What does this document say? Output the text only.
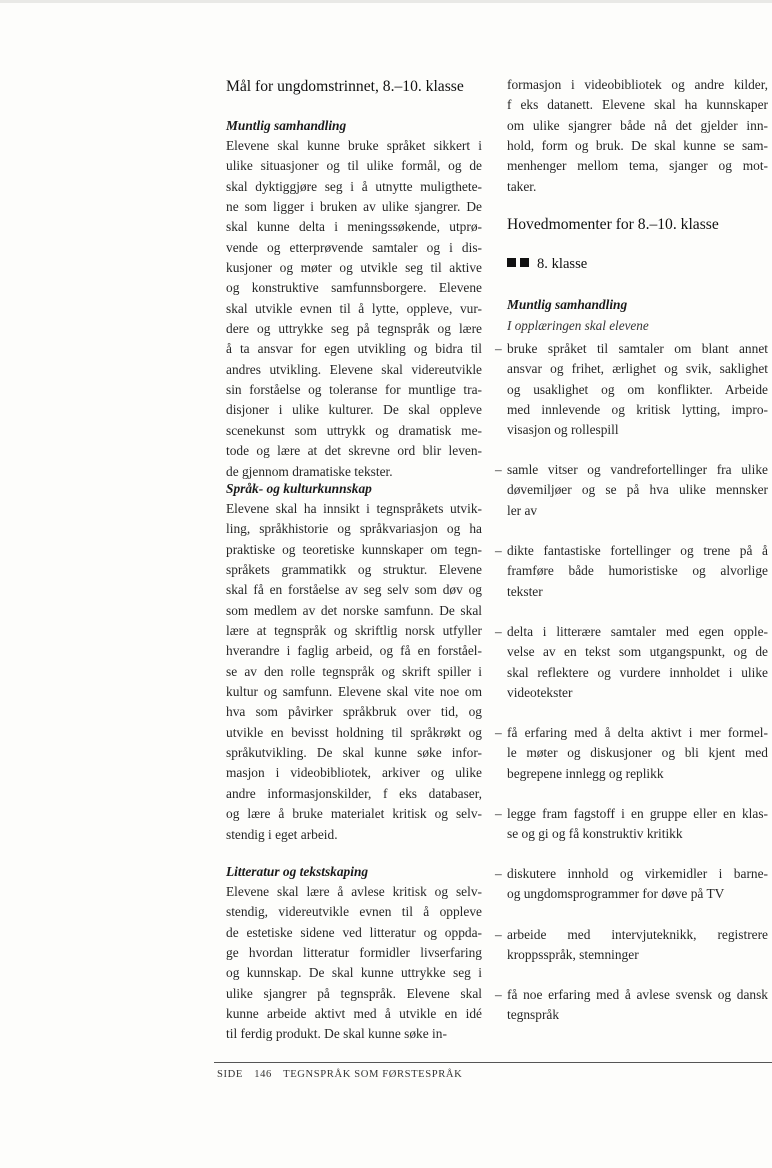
Mål for ungdomstrinnet, 8.–10. klasse
Muntlig samhandling
Elevene skal kunne bruke språket sikkert i
ulike situasjoner og til ulike formål, og de
skal dyktiggjøre seg i å utnytte muligthete-
ne som ligger i bruken av ulike sjangrer. De
skal kunne delta i meningssøkende, utprø-
vende og etterprøvende samtaler og i dis-
kusjoner og møter og utvikle seg til aktive
og konstruktive samfunnsborgere. Elevene
skal utvikle evnen til å lytte, oppleve, vur-
dere og uttrykke seg på tegnspråk og lære
å ta ansvar for egen utvikling og bidra til
andres utvikling. Elevene skal videreutvikle
sin forståelse og toleranse for muntlige tra-
disjoner i ulike kulturer. De skal oppleve
scenekunst som uttrykk og dramatisk me-
tode og lære at det skrevne ord blir leven-
de gjennom dramatiske tekster.
Språk- og kulturkunnskap
Elevene skal ha innsikt i tegnspråkets utvik-
ling, språkhistorie og språkvariasjon og ha
praktiske og teoretiske kunnskaper om tegn-
språkets grammatikk og struktur. Elevene
skal få en forståelse av seg selv som døv og
som medlem av det norske samfunn. De skal
lære at tegnspråk og skriftlig norsk utfyller
hverandre i faglig arbeid, og få en forståel-
se av den rolle tegnspråk og skrift spiller i
kultur og samfunn. Elevene skal vite noe om
hva som påvirker språkbruk over tid, og
utvikle en bevisst holdning til språkrøkt og
språkutvikling. De skal kunne søke infor-
masjon i videobibliotek, arkiver og ulike
andre informasjonskilder, f eks databaser,
og lære å bruke materialet kritisk og selv-
stendig i eget arbeid.
Litteratur og tekstskaping
Elevene skal lære å avlese kritisk og selv-
stendig, videreutvikle evnen til å oppleve
de estetiske sidene ved litteratur og oppda-
ge hvordan litteratur formidler livserfaring
og kunnskap. De skal kunne uttrykke seg i
ulike sjangrer på tegnspråk. Elevene skal
kunne arbeide aktivt med å utvikle en idé
til ferdig produkt. De skal kunne søke in-
formasjon i videobibliotek og andre kilder,
f eks datanett. Elevene skal ha kunnskaper
om ulike sjangrer både nå det gjelder inn-
hold, form og bruk. De skal kunne se sam-
menhenger mellom tema, sjanger og mot-
taker.
Hovedmomenter for 8.–10. klasse
8. klasse
Muntlig samhandling
I opplæringen skal elevene
– bruke språket til samtaler om blant annet
ansvar og frihet, ærlighet og svik, saklighet
og usaklighet og om konflikter. Arbeide
med innlevende og kritisk lytting, impro-
visasjon og rollespill
– samle vitser og vandrefortellinger fra ulike
døvemiljøer og se på hva ulike mennsker
ler av
– dikte fantastiske fortellinger og trene på å
framføre både humoristiske og alvorlige
tekster
– delta i litterære samtaler med egen opple-
velse av en tekst som utgangspunkt, og de
skal reflektere og vurdere innholdet i ulike
videotekster
– få erfaring med å delta aktivt i mer formel-
le møter og diskusjoner og bli kjent med
begrepene innlegg og replikk
– legge fram fagstoff i en gruppe eller en klas-
se og gi og få konstruktiv kritikk
– diskutere innhold og virkemidler i barne-
og ungdomsprogrammer for døve på TV
– arbeide med intervjuteknikk, registrere
kroppsspråk, stemninger
– få noe erfaring med å avlese svensk og dansk
tegnspråk
SIDE 146 TEGNSPRÅK SOM FØRSTESPRÅK
